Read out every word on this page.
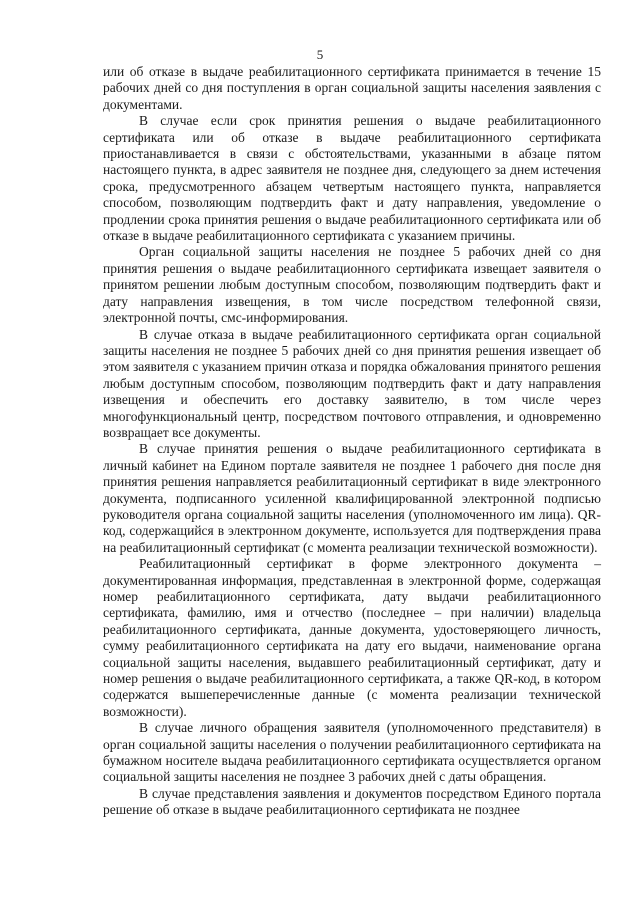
5

или об отказе в выдаче реабилитационного сертификата принимается в течение 15 рабочих дней со дня поступления в орган социальной защиты населения заявления с документами.

В случае если срок принятия решения о выдаче реабилитационного сертификата или об отказе в выдаче реабилитационного сертификата приостанавливается в связи с обстоятельствами, указанными в абзаце пятом настоящего пункта, в адрес заявителя не позднее дня, следующего за днем истечения срока, предусмотренного абзацем четвертым настоящего пункта, направляется способом, позволяющим подтвердить факт и дату направления, уведомление о продлении срока принятия решения о выдаче реабилитационного сертификата или об отказе в выдаче реабилитационного сертификата с указанием причины.

Орган социальной защиты населения не позднее 5 рабочих дней со дня принятия решения о выдаче реабилитационного сертификата извещает заявителя о принятом решении любым доступным способом, позволяющим подтвердить факт и дату направления извещения, в том числе посредством телефонной связи, электронной почты, смс-информирования.

В случае отказа в выдаче реабилитационного сертификата орган социальной защиты населения не позднее 5 рабочих дней со дня принятия решения извещает об этом заявителя с указанием причин отказа и порядка обжалования принятого решения любым доступным способом, позволяющим подтвердить факт и дату направления извещения и обеспечить его доставку заявителю, в том числе через многофункциональный центр, посредством почтового отправления, и одновременно возвращает все документы.

В случае принятия решения о выдаче реабилитационного сертификата в личный кабинет на Едином портале заявителя не позднее 1 рабочего дня после дня принятия решения направляется реабилитационный сертификат в виде электронного документа, подписанного усиленной квалифицированной электронной подписью руководителя органа социальной защиты населения (уполномоченного им лица). QR-код, содержащийся в электронном документе, используется для подтверждения права на реабилитационный сертификат (с момента реализации технической возможности).

Реабилитационный сертификат в форме электронного документа – документированная информация, представленная в электронной форме, содержащая номер реабилитационного сертификата, дату выдачи реабилитационного сертификата, фамилию, имя и отчество (последнее – при наличии) владельца реабилитационного сертификата, данные документа, удостоверяющего личность, сумму реабилитационного сертификата на дату его выдачи, наименование органа социальной защиты населения, выдавшего реабилитационный сертификат, дату и номер решения о выдаче реабилитационного сертификата, а также QR-код, в котором содержатся вышеперечисленные данные (с момента реализации технической возможности).

В случае личного обращения заявителя (уполномоченного представителя) в орган социальной защиты населения о получении реабилитационного сертификата на бумажном носителе выдача реабилитационного сертификата осуществляется органом социальной защиты населения не позднее 3 рабочих дней с даты обращения.

В случае представления заявления и документов посредством Единого портала решение об отказе в выдаче реабилитационного сертификата не позднее
